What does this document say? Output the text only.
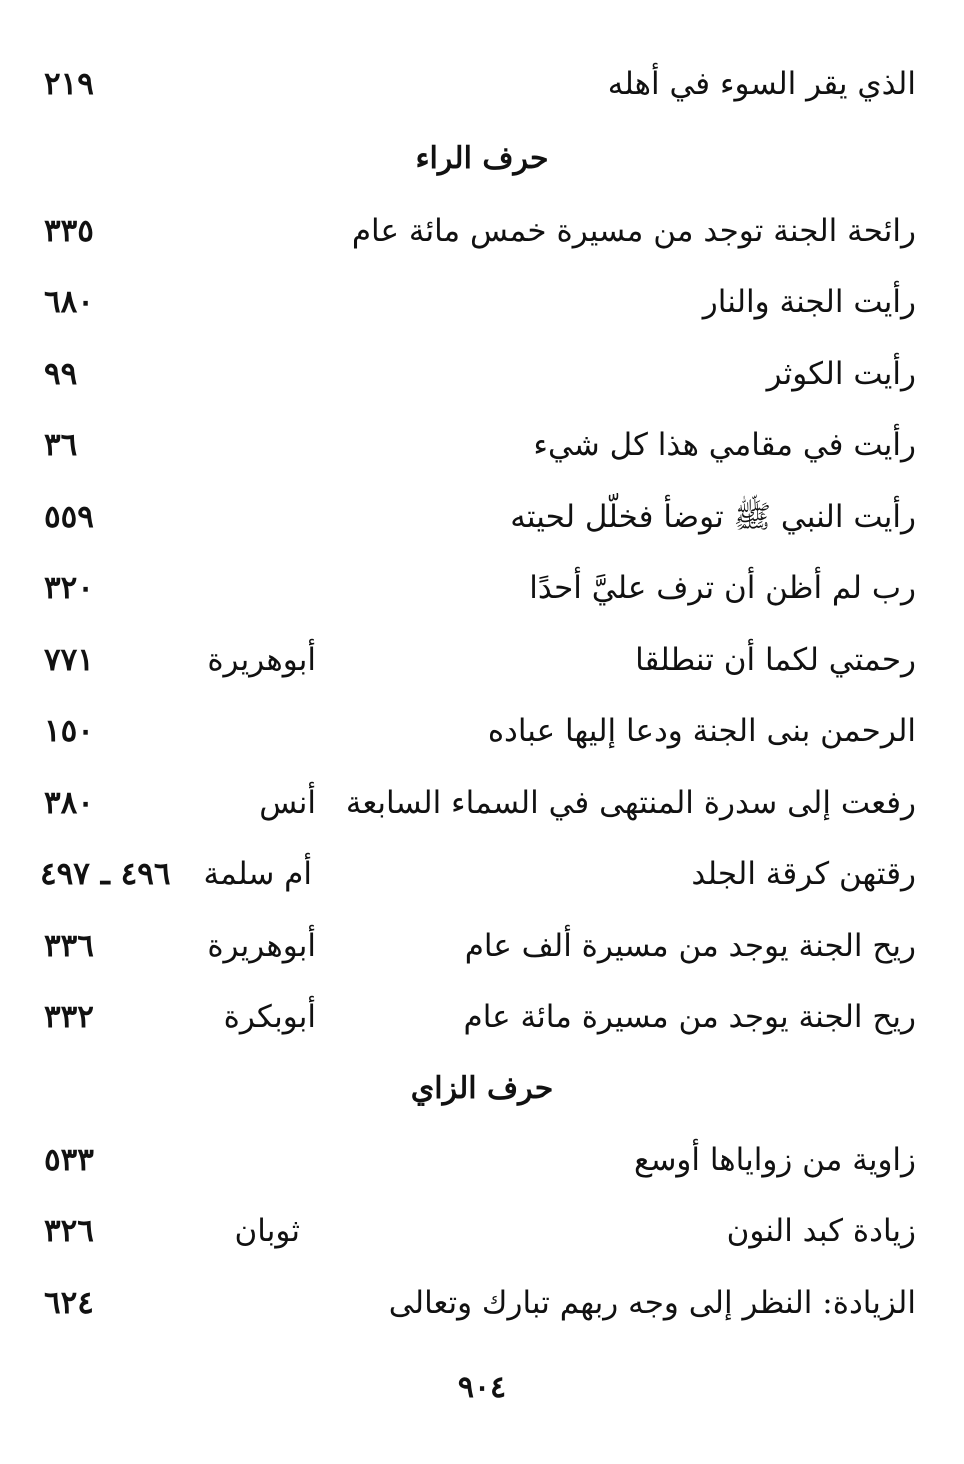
الذي يقر السوء في أهله
٢١٩
حرف الراء
رائحة الجنة توجد من مسيرة خمس مائة عام
٣٣٥
رأيت الجنة والنار
٦٨٠
رأيت الكوثر
٩٩
رأيت في مقامي هذا كل شيء
٣٦
رأيت النبي ﷺ توضأ فخلّل لحيته
٥٥٩
رب لم أظن أن ترف عليَّ أحدًا
٣٢٠
رحمتي لكما أن تنطلقا
أبوهريرة
٧٧١
الرحمن بنى الجنة ودعا إليها عباده
١٥٠
رفعت إلى سدرة المنتهى في السماء السابعة
أنس
٣٨٠
رقتهن كرقة الجلد
أم سلمة
٤٩٦ ـ ٤٩٧
ريح الجنة يوجد من مسيرة ألف عام
أبوهريرة
٣٣٦
ريح الجنة يوجد من مسيرة مائة عام
أبوبكرة
٣٣٢
حرف الزاي
زاوية من زواياها أوسع
٥٣٣
زيادة كبد النون
ثوبان
٣٢٦
الزيادة: النظر إلى وجه ربهم تبارك وتعالى
٦٢٤
٩٠٤
